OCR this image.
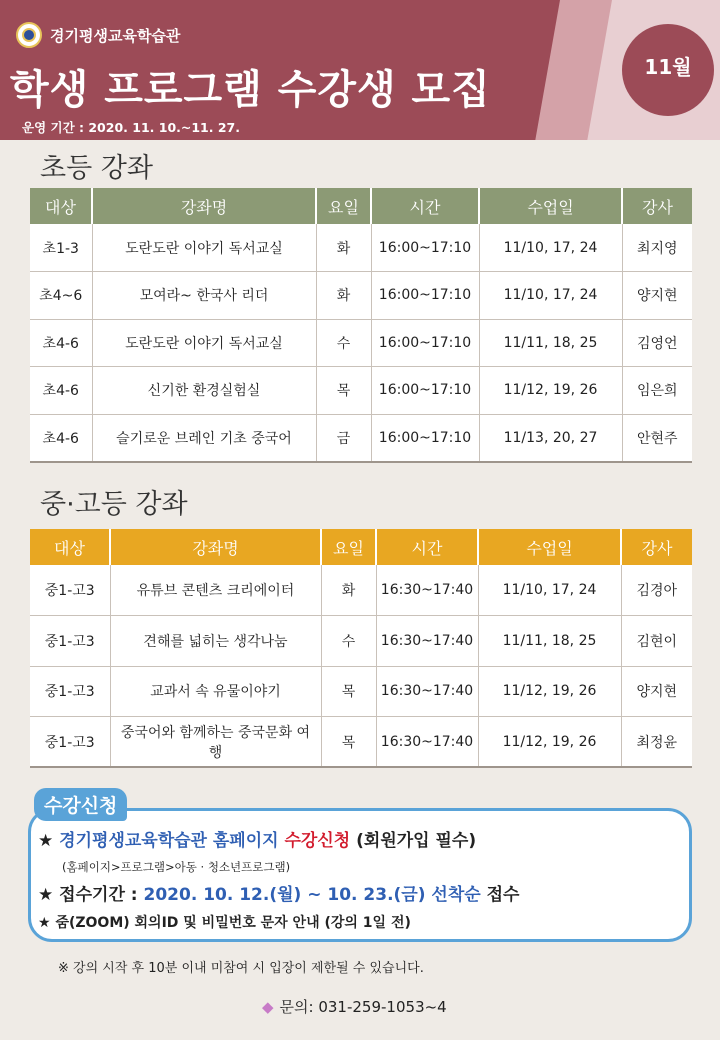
경기평생교육학습관
학생 프로그램 수강생 모집
운영 기간 : 2020. 11. 10.~11. 27.
11월
초등 강좌
대상	강좌명	요일	시간	수업일	강사
초1-3	도란도란 이야기 독서교실	화	16:00~17:10	11/10, 17, 24	최지영
초4~6	모여라~ 한국사 리더	화	16:00~17:10	11/10, 17, 24	양지현
초4-6	도란도란 이야기 독서교실	수	16:00~17:10	11/11, 18, 25	김영언
초4-6	신기한 환경실험실	목	16:00~17:10	11/12, 19, 26	임은희
초4-6	슬기로운 브레인 기초 중국어	금	16:00~17:10	11/13, 20, 27	안현주
중·고등 강좌
대상	강좌명	요일	시간	수업일	강사
중1-고3	유튜브 콘텐츠 크리에이터	화	16:30~17:40	11/10, 17, 24	김경아
중1-고3	견해를 넓히는 생각나눔	수	16:30~17:40	11/11, 18, 25	김현이
중1-고3	교과서 속 유물이야기	목	16:30~17:40	11/12, 19, 26	양지현
중1-고3	중국어와 함께하는 중국문화 여행	목	16:30~17:40	11/12, 19, 26	최정윤
수강신청
★ 경기평생교육학습관 홈페이지 수강신청 (회원가입 필수)
(홈페이지>프로그램>아동 · 청소년프로그램)
★ 접수기간 : 2020. 10. 12.(월) ~ 10. 23.(금) 선착순 접수
★ 줌(ZOOM) 회의ID 및 비밀번호 문자 안내 (강의 1일 전)
※ 강의 시작 후 10분 이내 미참여 시 입장이 제한될 수 있습니다.
◆ 문의: 031-259-1053~4
